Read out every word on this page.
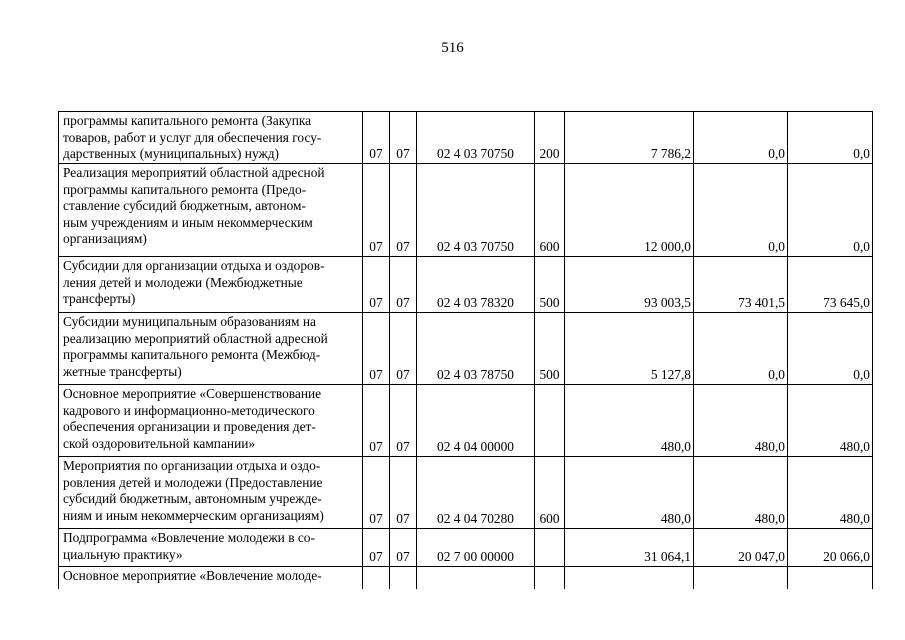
516
программы капитального ремонта (Закупка
товаров, работ и услуг для обеспечения госу-
дарственных (муниципальных) нужд)	07	07	02 4 03 70750	200	7 786,2	0,0	0,0
Реализация мероприятий областной адресной
программы капитального ремонта (Предо-
ставление субсидий бюджетным, автоном-
ным учреждениям и иным некоммерческим
организациям)	07	07	02 4 03 70750	600	12 000,0	0,0	0,0
Субсидии для организации отдыха и оздоров-
ления детей и молодежи (Межбюджетные
трансферты)	07	07	02 4 03 78320	500	93 003,5	73 401,5	73 645,0
Субсидии муниципальным образованиям на
реализацию мероприятий областной адресной
программы капитального ремонта (Межбюд-
жетные трансферты)	07	07	02 4 03 78750	500	5 127,8	0,0	0,0
Основное мероприятие «Совершенствование
кадрового и информационно-методического
обеспечения организации и проведения дет-
ской оздоровительной кампании»	07	07	02 4 04 00000		480,0	480,0	480,0
Мероприятия по организации отдыха и оздо-
ровления детей и молодежи (Предоставление
субсидий бюджетным, автономным учрежде-
ниям и иным некоммерческим организациям)	07	07	02 4 04 70280	600	480,0	480,0	480,0
Подпрограмма «Вовлечение молодежи в со-
циальную практику»	07	07	02 7 00 00000		31 064,1	20 047,0	20 066,0
Основное мероприятие «Вовлечение молоде-							
